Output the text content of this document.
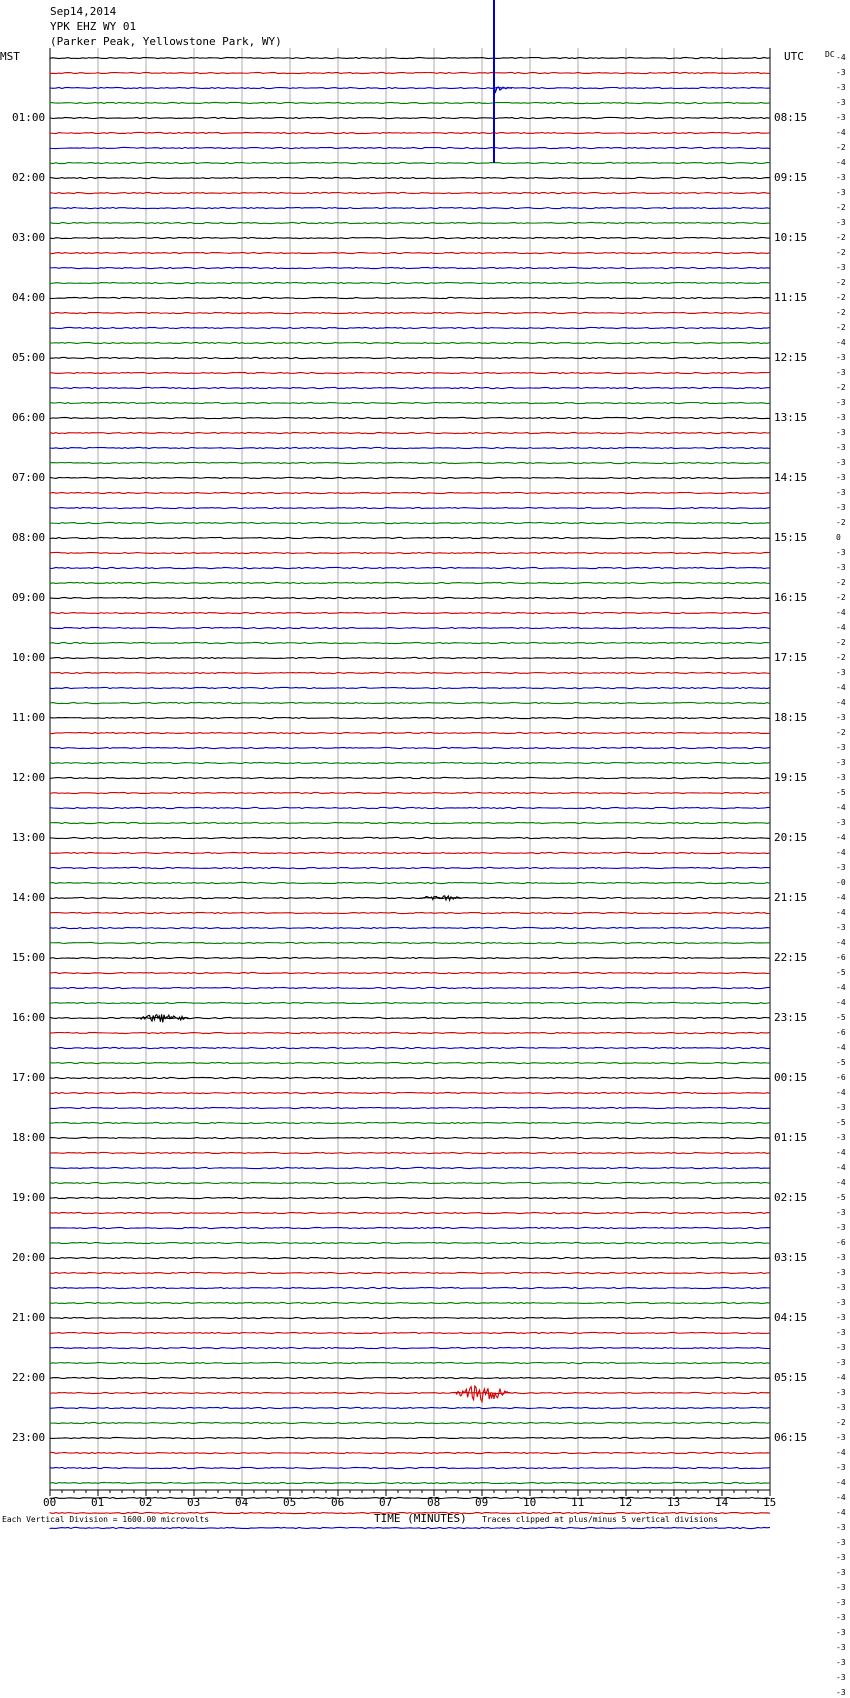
Sep14,2014
YPK EHZ WY 01
(Parker Peak, Yellowstone Park, WY)
MST	UTC	DC
01:00
02:00
03:00
04:00
05:00
06:00
07:00
08:00
09:00
10:00
11:00
12:00
13:00
14:00
15:00
16:00
17:00
18:00
19:00
20:00
21:00
22:00
23:00
08:15
09:15
10:15
11:15
12:15
13:15
14:15
15:15
16:15
17:15
18:15
19:15
20:15
21:15
22:15
23:15
00:15
01:15
02:15
03:15
04:15
05:15
06:15
-4
-3
-3
-3
-3
-4
-2
-4
-3
-3
-2
-3
-2
-2
-3
-2
-2
-2
-2
-4
-3
-3
-2
-3
-3
-3
-3
-3
-3
-3
-3
-2
0
-3
-3
-2
-2
-4
-4
-2
-2
-3
-4
-4
-3
-2
-3
-3
-3
-5
-4
-3
-4
-4
-3
-0
-4
-4
-3
-4
-6
-5
-4
-4
-5
-6
-4
-5
-6
-4
-3
-5
-3
-4
-4
-4
-5
-3
-3
-6
-3
-3
-3
-3
-3
-3
-3
-3
-4
-3
-3
-2
-3
-4
-3
-4
-4
-4
-3
-3
-3
-3
-3
-3
-3
-3
-3
-3
-3
-3
00	01	02	03	04	05	06	07	08	09	10	11	12	13	14	15
Each Vertical Division = 1600.00 microvolts	TIME (MINUTES) Traces clipped at plus/minus 5 vertical divisions
